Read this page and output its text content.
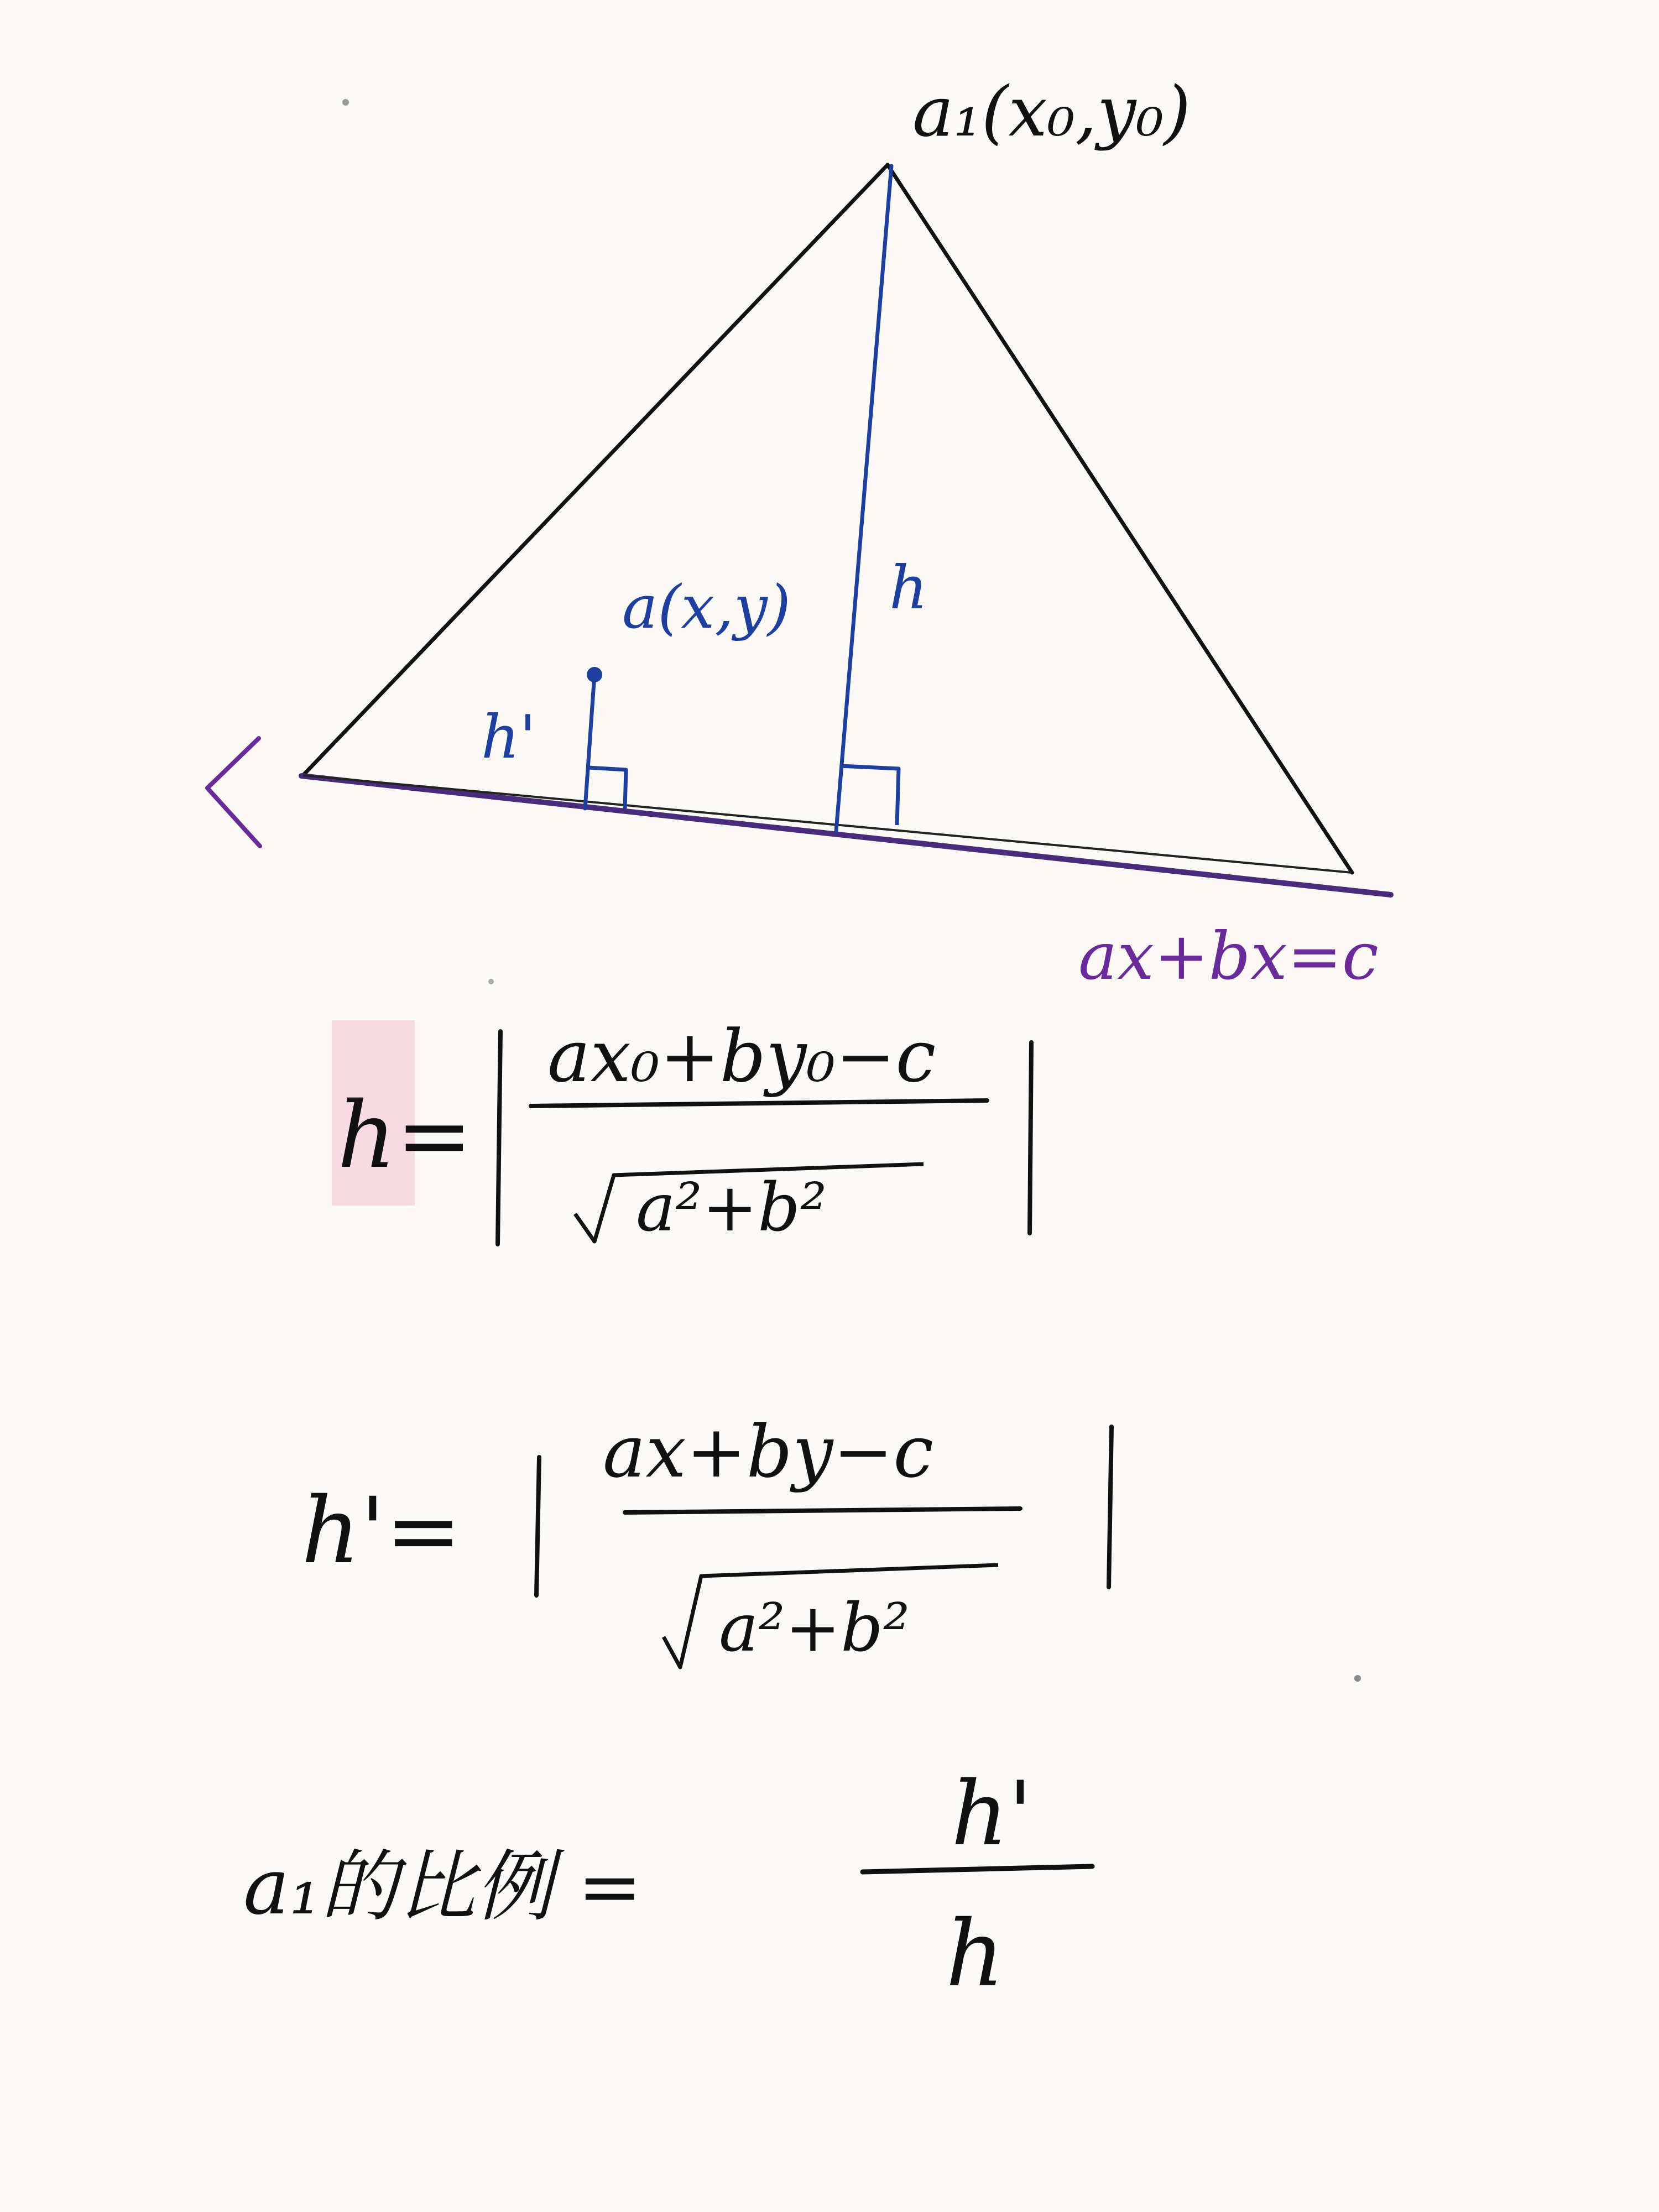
a₁(x₀,y₀)
a(x,y) h
h'
ax+bx=c
h=
ax₀+by₀−c
a²+b²
h'=
ax+by−c
a²+b²
a₁的比例 =
h'
h
